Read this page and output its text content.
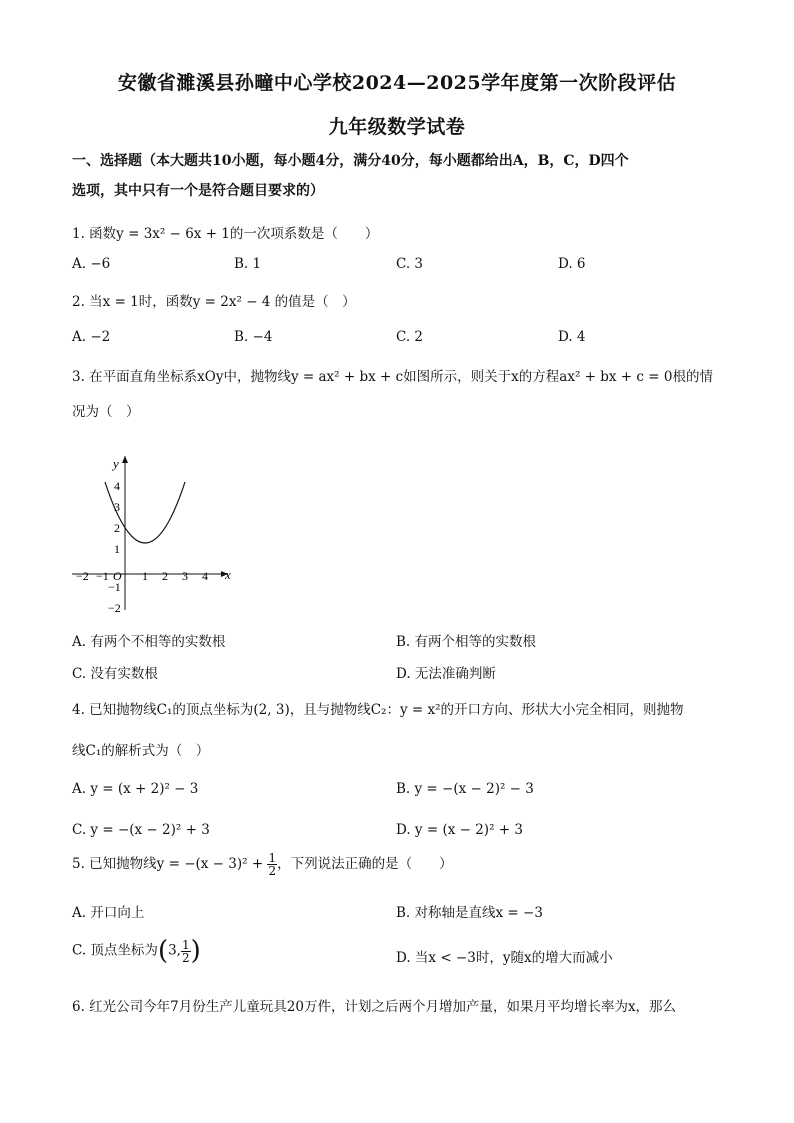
安徽省濉溪县孙疃中心学校2024—2025学年度第一次阶段评估
九年级数学试卷
一、选择题（本大题共10小题，每小题4分，满分40分，每小题都给出A，B，C，D四个
选项，其中只有一个是符合题目要求的）
1. 函数y = 3x² − 6x + 1的一次项系数是（　　）
A. −6	B. 1	C. 3	D. 6
2. 当x = 1时，函数y = 2x² − 4 的值是（　）
A. −2	B. −4	C. 2	D. 4
3. 在平面直角坐标系xOy中，抛物线y = ax² + bx + c如图所示，则关于x的方程ax² + bx + c = 0根的情
况为（　）
y
x
O
−2 −1	1 2 3 4
4
3
2
1
−1
−2
A. 有两个不相等的实数根	B. 有两个相等的实数根
C. 没有实数根	D. 无法准确判断
4. 已知抛物线C₁的顶点坐标为(2, 3)，且与抛物线C₂：y = x²的开口方向、形状大小完全相同，则抛物
线C₁的解析式为（　）
A. y = (x + 2)² − 3	B. y = −(x − 2)² − 3
C. y = −(x − 2)² + 3	D. y = (x − 2)² + 3
5. 已知抛物线$y = -(x - 3)^2 + \frac{1}{2}$ ，下列说法正确的是（　　）
A. 开口向上	B. 对称轴是直线x = −3
C. 顶点坐标为(3, $\frac{1}{2}$ )	D. 当x < −3时，y随x的增大而减小
6. 红光公司今年7月份生产儿童玩具20万件，计划之后两个月增加产量，如果月平均增长率为x，那么
